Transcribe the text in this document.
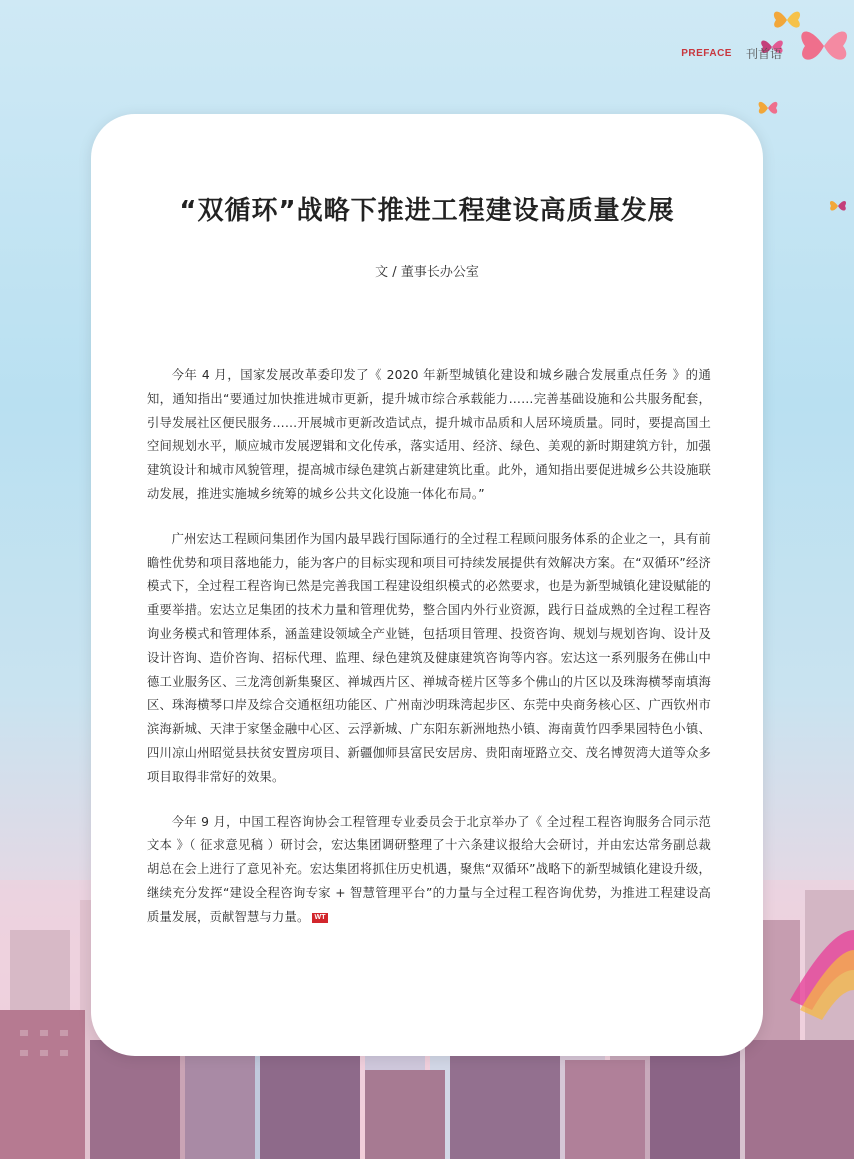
PREFACE 刊首语
“双循环”战略下推进工程建设高质量发展
文 / 董事长办公室

今年 4 月，国家发展改革委印发了《 2020 年新型城镇化建设和城乡融合发展重点任务 》的通知，通知指出“要通过加快推进城市更新，提升城市综合承载能力……完善基础设施和公共服务配套，引导发展社区便民服务……开展城市更新改造试点，提升城市品质和人居环境质量。同时，要提高国土空间规划水平，顺应城市发展逻辑和文化传承，落实适用、经济、绿色、美观的新时期建筑方针，加强建筑设计和城市风貌管理，提高城市绿色建筑占新建建筑比重。此外，通知指出要促进城乡公共设施联动发展，推进实施城乡统筹的城乡公共文化设施一体化布局。”

广州宏达工程顾问集团作为国内最早践行国际通行的全过程工程顾问服务体系的企业之一，具有前瞻性优势和项目落地能力，能为客户的目标实现和项目可持续发展提供有效解决方案。在“双循环”经济模式下，全过程工程咨询已然是完善我国工程建设组织模式的必然要求，也是为新型城镇化建设赋能的重要举措。宏达立足集团的技术力量和管理优势，整合国内外行业资源，践行日益成熟的全过程工程咨询业务模式和管理体系，涵盖建设领域全产业链，包括项目管理、投资咨询、规划与规划咨询、设计及设计咨询、造价咨询、招标代理、监理、绿色建筑及健康建筑咨询等内容。宏达这一系列服务在佛山中德工业服务区、三龙湾创新集聚区、禅城西片区、禅城奇槎片区等多个佛山的片区以及珠海横琴南填海区、珠海横琴口岸及综合交通枢纽功能区、广州南沙明珠湾起步区、东莞中央商务核心区、广西钦州市滨海新城、天津于家堡金融中心区、云浮新城、广东阳东新洲地热小镇、海南黄竹四季果园特色小镇、四川凉山州昭觉县扶贫安置房项目、新疆伽师县富民安居房、贵阳南垭路立交、茂名博贺湾大道等众多项目取得非常好的效果。

今年 9 月，中国工程咨询协会工程管理专业委员会于北京举办了《 全过程工程咨询服务合同示范文本 》（ 征求意见稿 ）研讨会，宏达集团调研整理了十六条建议报给大会研讨，并由宏达常务副总裁胡总在会上进行了意见补充。宏达集团将抓住历史机遇，聚焦“双循环”战略下的新型城镇化建设升级，继续充分发挥“建设全程咨询专家 + 智慧管理平台”的力量与全过程工程咨询优势，为推进工程建设高质量发展，贡献智慧与力量。 WT
